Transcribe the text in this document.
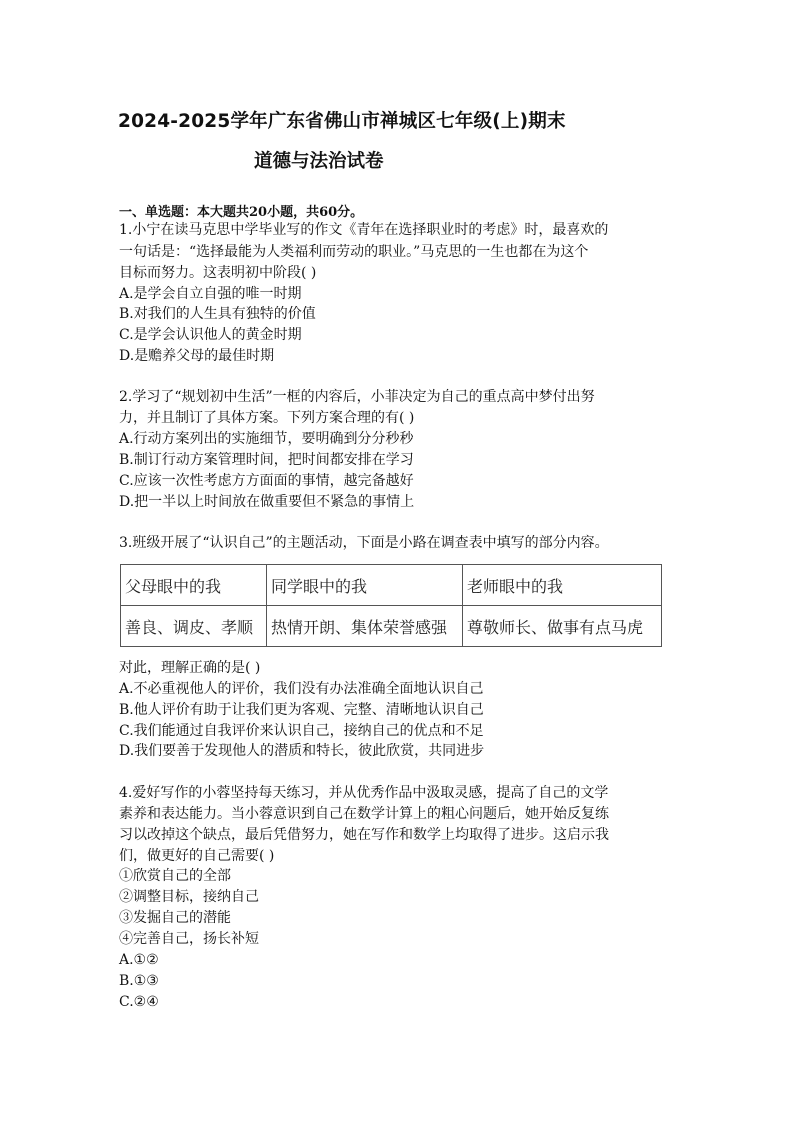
2024-2025学年广东省佛山市禅城区七年级(上)期末
道德与法治试卷
一、单选题：本大题共20小题，共60分。
1.小宁在读马克思中学毕业写的作文《青年在选择职业时的考虑》时，最喜欢的
一句话是：“选择最能为人类福利而劳动的职业。”马克思的一生也都在为这个
目标而努力。这表明初中阶段( )
A.是学会自立自强的唯一时期
B.对我们的人生具有独特的价值
C.是学会认识他人的黄金时期
D.是赡养父母的最佳时期
2.学习了“规划初中生活”一框的内容后，小菲决定为自己的重点高中梦付出努
力，并且制订了具体方案。下列方案合理的有( )
A.行动方案列出的实施细节，要明确到分分秒秒
B.制订行动方案管理时间，把时间都安排在学习
C.应该一次性考虑方方面面的事情，越完备越好
D.把一半以上时间放在做重要但不紧急的事情上
3.班级开展了“认识自己”的主题活动，下面是小路在调查表中填写的部分内容。
父母眼中的我	同学眼中的我	老师眼中的我
善良、调皮、孝顺	热情开朗、集体荣誉感强	尊敬师长、做事有点马虎
对此，理解正确的是( )
A.不必重视他人的评价，我们没有办法准确全面地认识自己
B.他人评价有助于让我们更为客观、完整、清晰地认识自己
C.我们能通过自我评价来认识自己，接纳自己的优点和不足
D.我们要善于发现他人的潜质和特长，彼此欣赏，共同进步
4.爱好写作的小蓉坚持每天练习，并从优秀作品中汲取灵感，提高了自己的文学
素养和表达能力。当小蓉意识到自己在数学计算上的粗心问题后，她开始反复练
习以改掉这个缺点，最后凭借努力，她在写作和数学上均取得了进步。这启示我
们，做更好的自己需要( )
①欣赏自己的全部
②调整目标，接纳自己
③发掘自己的潜能
④完善自己，扬长补短
A.①②
B.①③
C.②④
